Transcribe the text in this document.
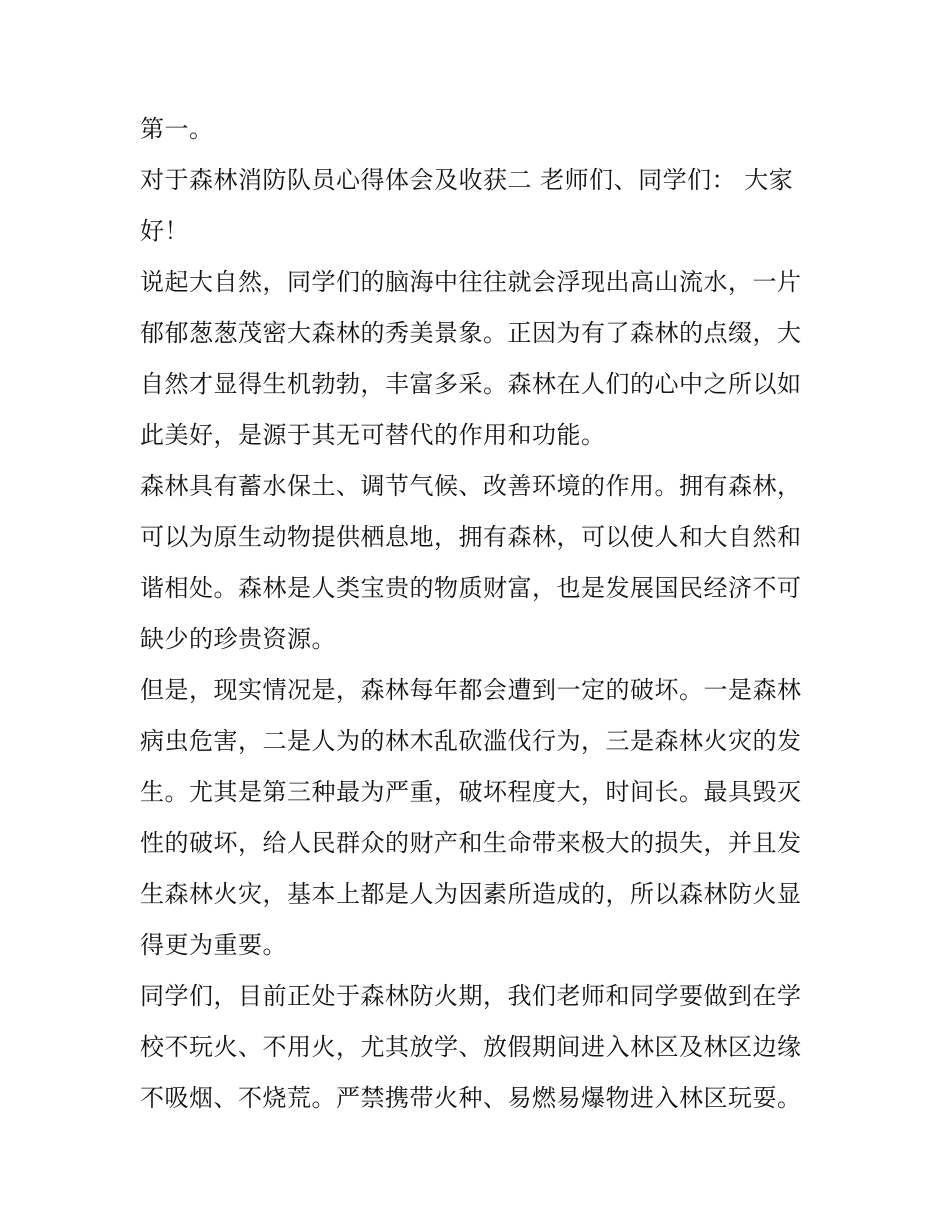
第一。

对于森林消防队员心得体会及收获二 老师们、同学们： 大家好！

说起大自然，同学们的脑海中往往就会浮现出高山流水，一片郁郁葱葱茂密大森林的秀美景象。正因为有了森林的点缀，大自然才显得生机勃勃，丰富多采。森林在人们的心中之所以如此美好，是源于其无可替代的作用和功能。

森林具有蓄水保土、调节气候、改善环境的作用。拥有森林，可以为原生动物提供栖息地，拥有森林，可以使人和大自然和谐相处。森林是人类宝贵的物质财富，也是发展国民经济不可缺少的珍贵资源。

但是，现实情况是，森林每年都会遭到一定的破坏。一是森林病虫危害，二是人为的林木乱砍滥伐行为，三是森林火灾的发生。尤其是第三种最为严重，破坏程度大，时间长。最具毁灭性的破坏，给人民群众的财产和生命带来极大的损失，并且发生森林火灾，基本上都是人为因素所造成的，所以森林防火显得更为重要。

同学们，目前正处于森林防火期，我们老师和同学要做到在学校不玩火、不用火，尤其放学、放假期间进入林区及林区边缘不吸烟、不烧荒。严禁携带火种、易燃易爆物进入林区玩耍。
